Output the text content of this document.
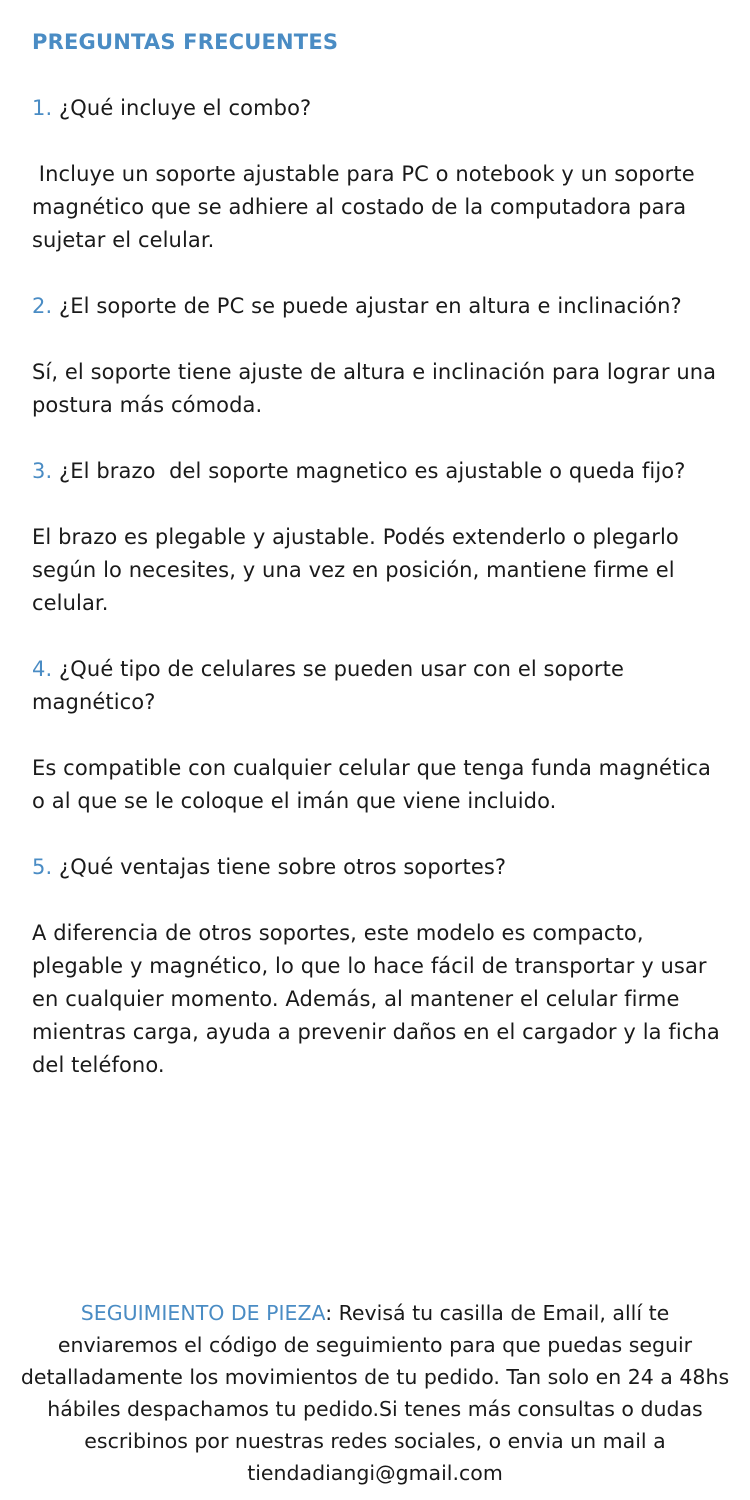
PREGUNTAS FRECUENTES

1. ¿Qué incluye el combo?

Incluye un soporte ajustable para PC o notebook y un soporte magnético que se adhiere al costado de la computadora para sujetar el celular.

2. ¿El soporte de PC se puede ajustar en altura e inclinación?

Sí, el soporte tiene ajuste de altura e inclinación para lograr una postura más cómoda.

3. ¿El brazo  del soporte magnetico es ajustable o queda fijo?

El brazo es plegable y ajustable. Podés extenderlo o plegarlo según lo necesites, y una vez en posición, mantiene firme el celular.

4. ¿Qué tipo de celulares se pueden usar con el soporte magnético?

Es compatible con cualquier celular que tenga funda magnética o al que se le coloque el imán que viene incluido.

5. ¿Qué ventajas tiene sobre otros soportes?

A diferencia de otros soportes, este modelo es compacto, plegable y magnético, lo que lo hace fácil de transportar y usar en cualquier momento. Además, al mantener el celular firme mientras carga, ayuda a prevenir daños en el cargador y la ficha del teléfono.

SEGUIMIENTO DE PIEZA: Revisá tu casilla de Email, allí te enviaremos el código de seguimiento para que puedas seguir detalladamente los movimientos de tu pedido. Tan solo en 24 a 48hs hábiles despachamos tu pedido.Si tenes más consultas o dudas escribinos por nuestras redes sociales, o envia un mail a tiendadiangi@gmail.com
